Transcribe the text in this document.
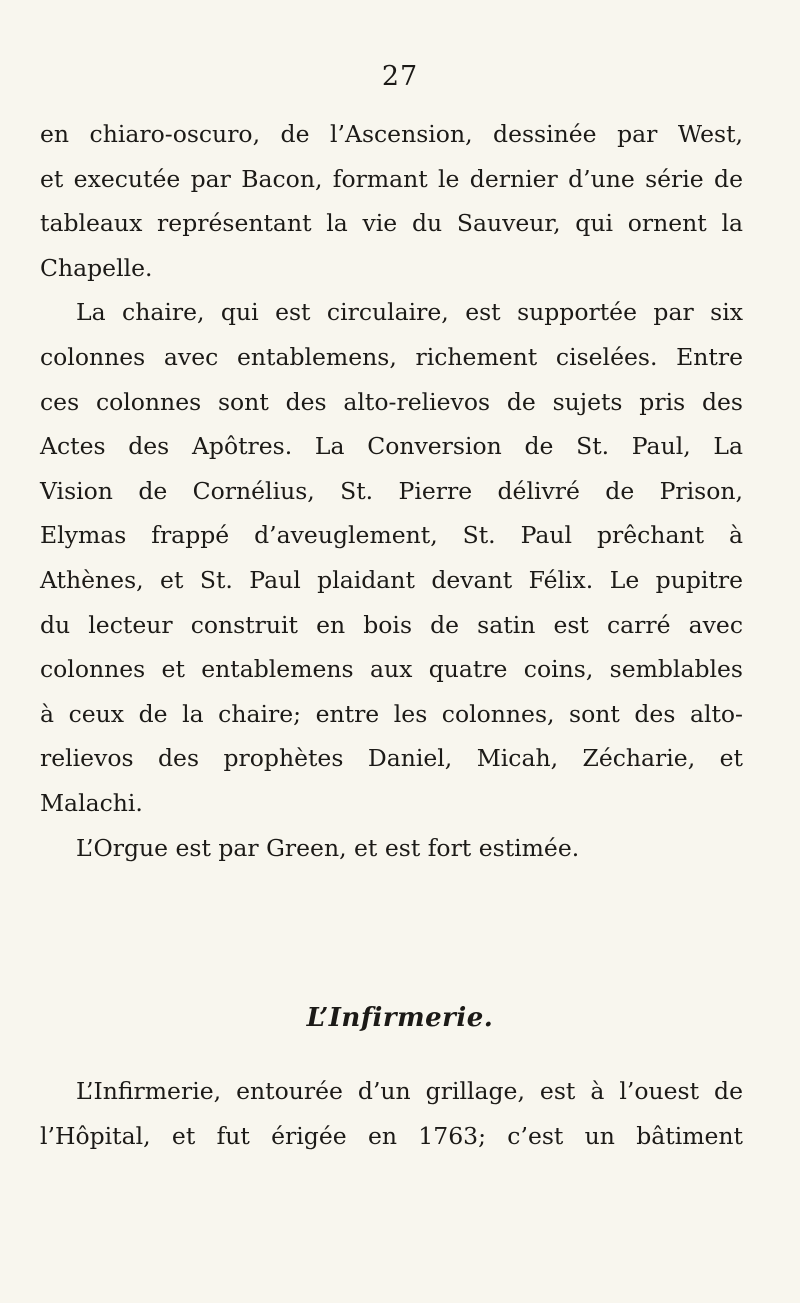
27
en chiaro-oscuro, de l’Ascension, dessinée par West,
et executée par Bacon, formant le dernier d’une série de
tableaux représentant la vie du Sauveur, qui ornent la
Chapelle.
La chaire, qui est circulaire, est supportée par six
colonnes avec entablemens, richement ciselées. Entre
ces colonnes sont des alto-relievos de sujets pris des
Actes des Apôtres. La Conversion de St. Paul, La
Vision de Cornélius, St. Pierre délivré de Prison,
Elymas frappé d’aveuglement, St. Paul prêchant à
Athènes, et St. Paul plaidant devant Félix. Le pupitre
du lecteur construit en bois de satin est carré avec
colonnes et entablemens aux quatre coins, semblables
à ceux de la chaire; entre les colonnes, sont des alto-
relievos des prophètes Daniel, Micah, Zécharie, et
Malachi.
L’Orgue est par Green, et est fort estimée.
L’Infirmerie.
L’Infirmerie, entourée d’un grillage, est à l’ouest de
l’Hôpital, et fut érigée en 1763; c’est un bâtiment
